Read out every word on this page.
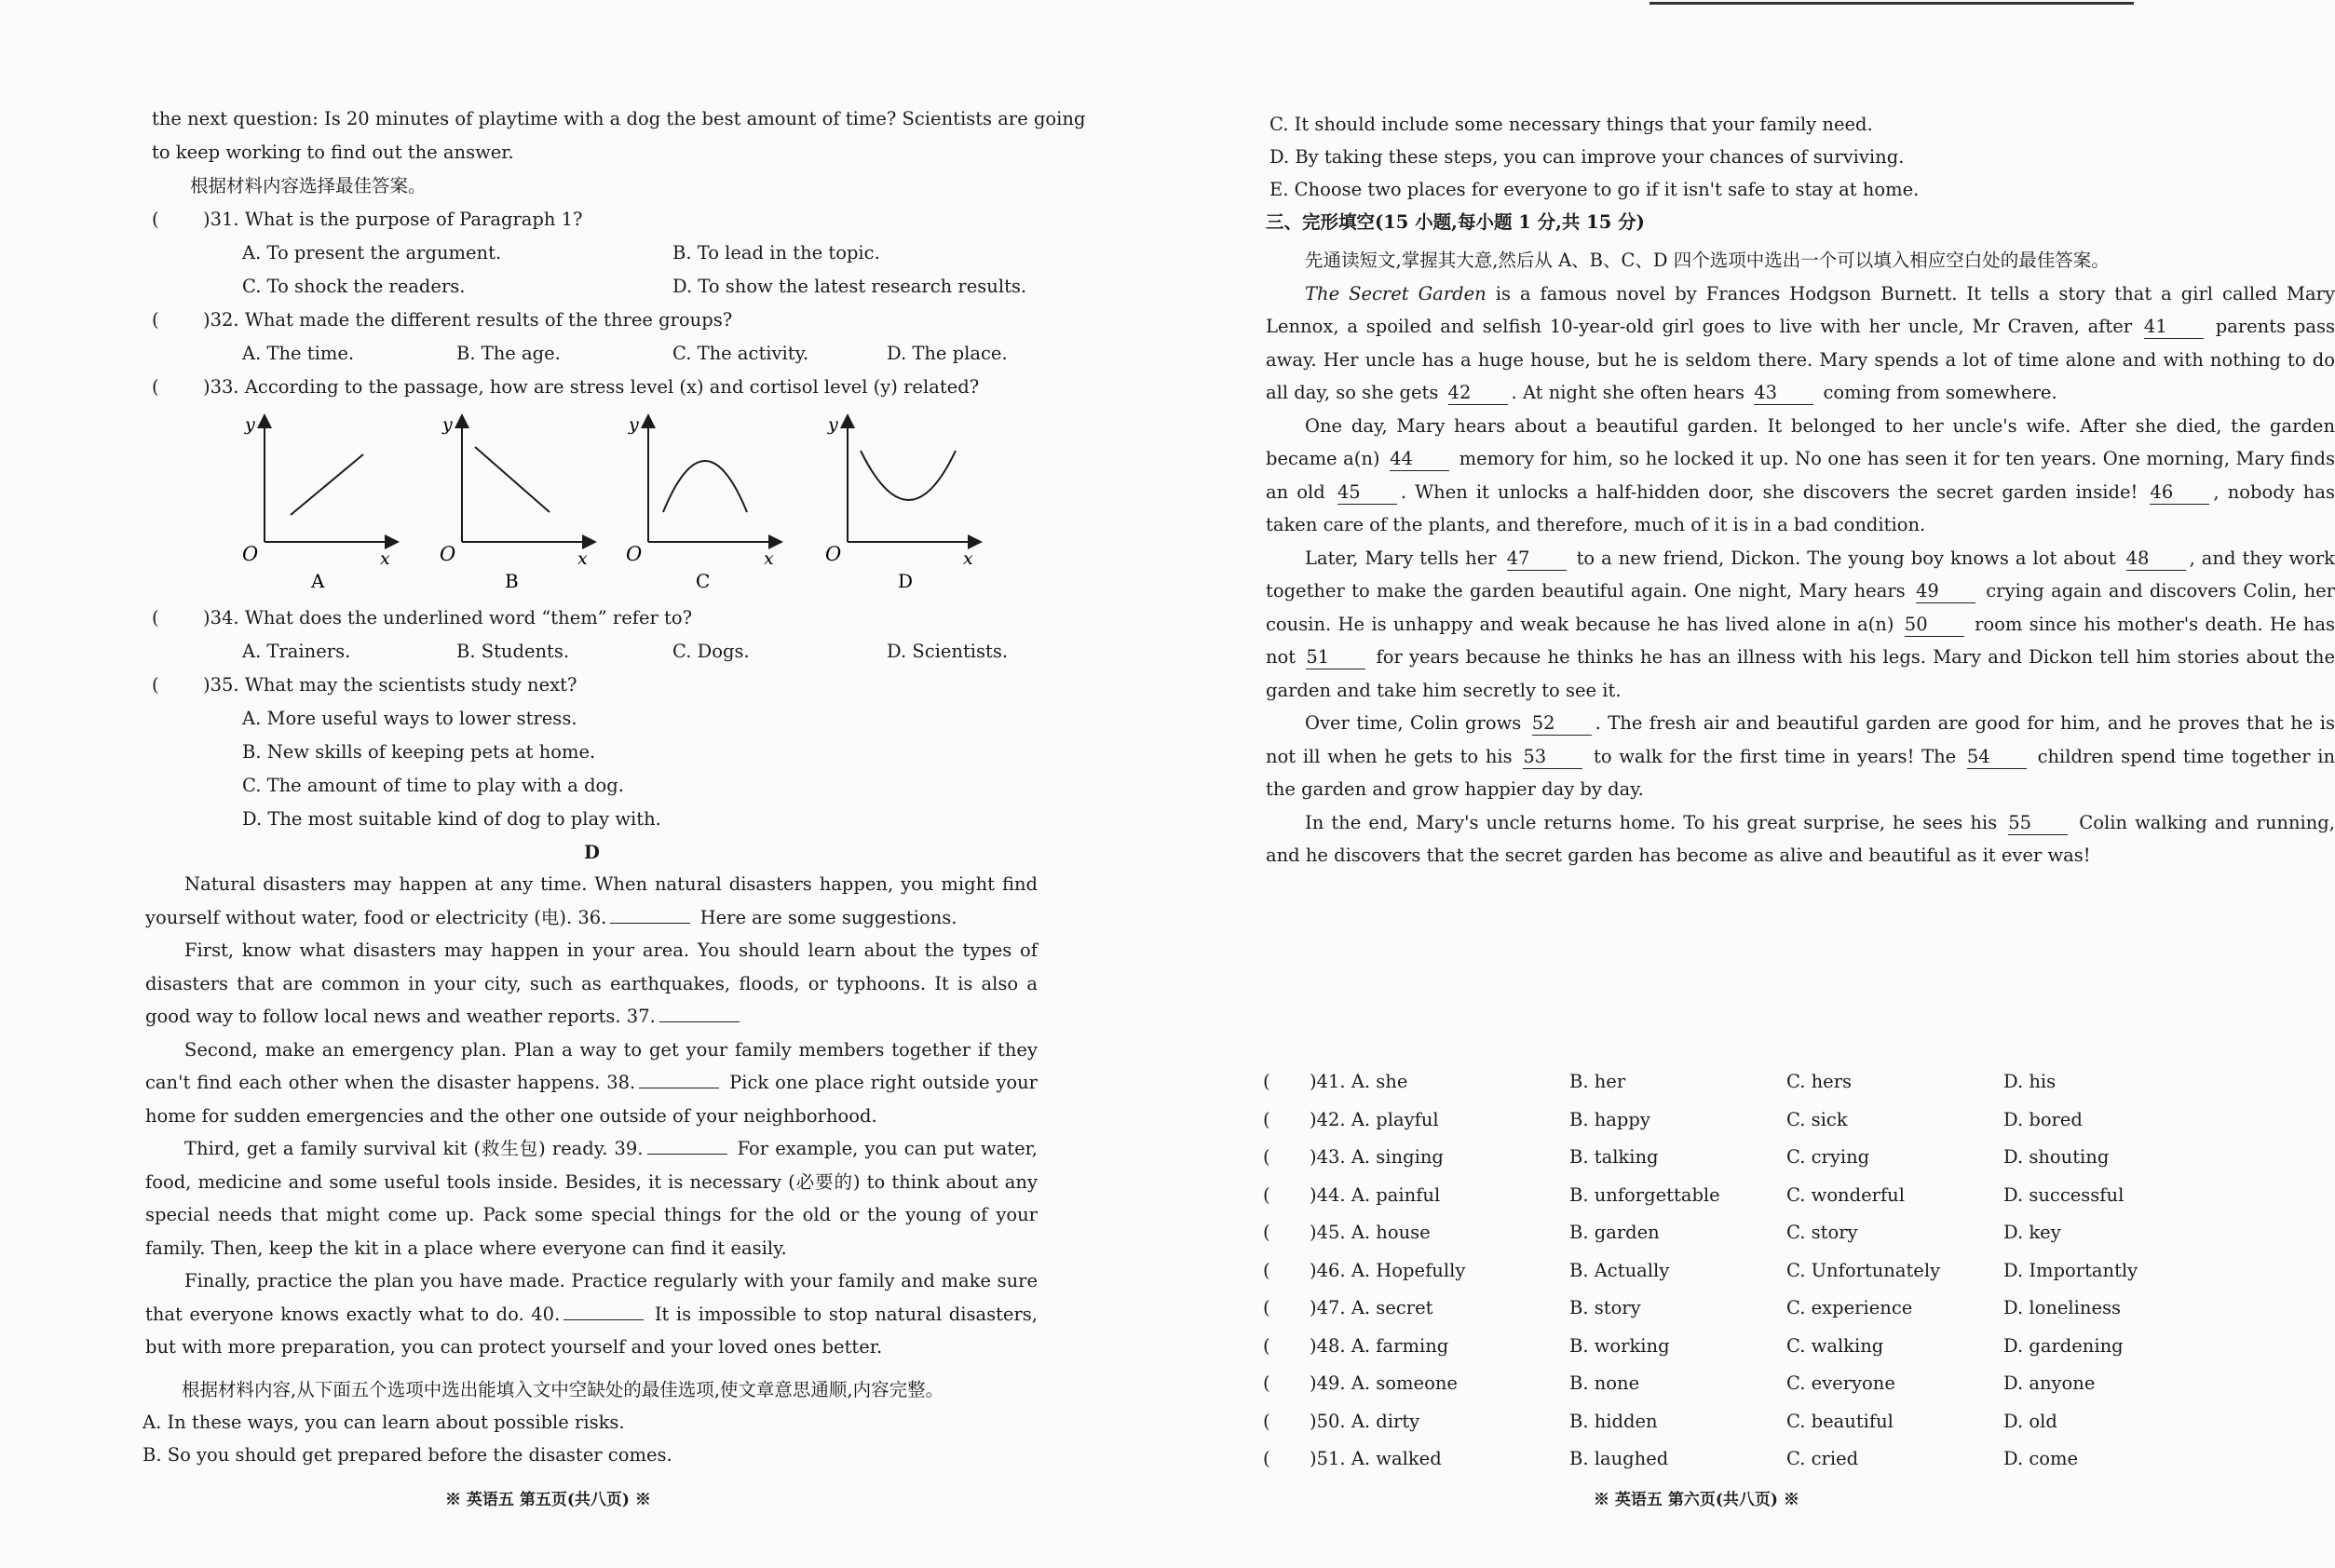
the next question: Is 20 minutes of playtime with a dog the best amount of time? Scientists are going
to keep working to find out the answer.
根据材料内容选择最佳答案。
( )31. What is the purpose of Paragraph 1?
A. To present the argument.	B. To lead in the topic.
C. To shock the readers.	D. To show the latest research results.
( )32. What made the different results of the three groups?
A. The time.	B. The age.	C. The activity.	D. The place.
( )33. According to the passage, how are stress level (x) and cortisol level (y) related?
y
x
O
A
y
x
O
B
y
x
O
C
y
x
O
D
( )34. What does the underlined word “them” refer to?
A. Trainers.	B. Students.	C. Dogs.	D. Scientists.
( )35. What may the scientists study next?
A. More useful ways to lower stress.
B. New skills of keeping pets at home.
C. The amount of time to play with a dog.
D. The most suitable kind of dog to play with.
D

Natural disasters may happen at any time. When natural disasters happen, you might find yourself without water, food or electricity (电). 36.	Here are some suggestions.

First, know what disasters may happen in your area. You should learn about the types of disasters that are common in your city, such as earthquakes, floods, or typhoons. It is also a good way to follow local news and weather reports. 37.

Second, make an emergency plan. Plan a way to get your family members together if they can't find each other when the disaster happens. 38.	Pick one place right outside your home for sudden emergencies and the other one outside of your neighborhood.

Third, get a family survival kit (救生包) ready. 39.	For example, you can put water, food, medicine and some useful tools inside. Besides, it is necessary (必要的) to think about any special needs that might come up. Pack some special things for the old or the young of your family. Then, keep the kit in a place where everyone can find it easily.

Finally, practice the plan you have made. Practice regularly with your family and make sure that everyone knows exactly what to do. 40.	It is impossible to stop natural disasters, but with more preparation, you can protect yourself and your loved ones better.

根据材料内容,从下面五个选项中选出能填入文中空缺处的最佳选项,使文章意思通顺,内容完整。
A. In these ways, you can learn about possible risks.
B. So you should get prepared before the disaster comes.
※ 英语五 第五页(共八页) ※
C. It should include some necessary things that your family need.
D. By taking these steps, you can improve your chances of surviving.
E. Choose two places for everyone to go if it isn't safe to stay at home.
三、完形填空(15 小题,每小题 1 分,共 15 分)

先通读短文,掌握其大意,然后从 A、B、C、D 四个选项中选出一个可以填入相应空白处的最佳答案。

The Secret Garden is a famous novel by Frances Hodgson Burnett. It tells a story that a girl called Mary Lennox, a spoiled and selfish 10-year-old girl goes to live with her uncle, Mr Craven, after 41 parents pass away. Her uncle has a huge house, but he is seldom there. Mary spends a lot of time alone and with nothing to do all day, so she gets 42 . At night she often hears 43 coming from somewhere.

One day, Mary hears about a beautiful garden. It belonged to her uncle's wife. After she died, the garden became a(n) 44 memory for him, so he locked it up. No one has seen it for ten years. One morning, Mary finds an old 45 . When it unlocks a half-hidden door, she discovers the secret garden inside! 46 , nobody has taken care of the plants, and therefore, much of it is in a bad condition.

Later, Mary tells her 47 to a new friend, Dickon. The young boy knows a lot about 48 , and they work together to make the garden beautiful again. One night, Mary hears 49 crying again and discovers Colin, her cousin. He is unhappy and weak because he has lived alone in a(n) 50 room since his mother's death. He has not 51 for years because he thinks he has an illness with his legs. Mary and Dickon tell him stories about the garden and take him secretly to see it.

Over time, Colin grows 52 . The fresh air and beautiful garden are good for him, and he proves that he is not ill when he gets to his 53 to walk for the first time in years! The 54 children spend time together in the garden and grow happier day by day.

In the end, Mary's uncle returns home. To his great surprise, he sees his 55 Colin walking and running, and he discovers that the secret garden has become as alive and beautiful as it ever was!

( )41. A. she	B. her	C. hers	D. his
( )42. A. playful	B. happy	C. sick	D. bored
( )43. A. singing	B. talking	C. crying	D. shouting
( )44. A. painful	B. unforgettable	C. wonderful	D. successful
( )45. A. house	B. garden	C. story	D. key
( )46. A. Hopefully	B. Actually	C. Unfortunately	D. Importantly
( )47. A. secret	B. story	C. experience	D. loneliness
( )48. A. farming	B. working	C. walking	D. gardening
( )49. A. someone	B. none	C. everyone	D. anyone
( )50. A. dirty	B. hidden	C. beautiful	D. old
( )51. A. walked	B. laughed	C. cried	D. come
※ 英语五 第六页(共八页) ※
